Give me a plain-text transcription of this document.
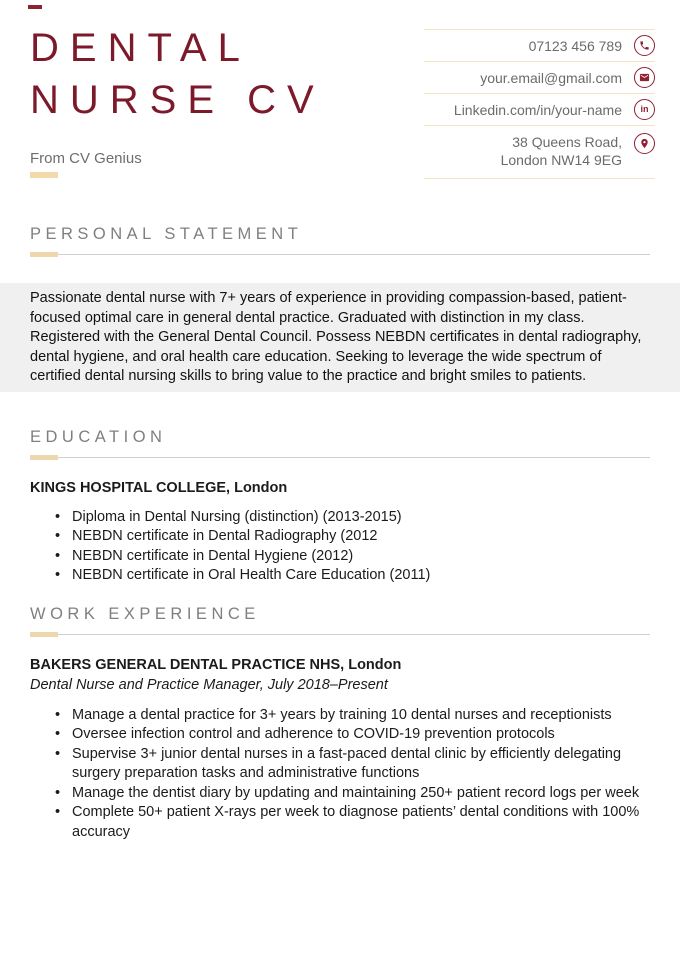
DENTAL
NURSE CV
From CV Genius
07123 456 789
your.email@gmail.com
Linkedin.com/in/your-name in
38 Queens Road,
London NW14 9EG
PERSONAL STATEMENT
Passionate dental nurse with 7+ years of experience in providing compassion-based, patient-focused optimal care in general dental practice. Graduated with distinction in my class. Registered with the General Dental Council. Possess NEBDN certificates in dental radiography, dental hygiene, and oral health care education. Seeking to leverage the wide spectrum of certified dental nursing skills to bring value to the practice and bright smiles to patients.
EDUCATION
KINGS HOSPITAL COLLEGE, London
• Diploma in Dental Nursing (distinction) (2013-2015)
• NEBDN certificate in Dental Radiography (2012
• NEBDN certificate in Dental Hygiene (2012)
• NEBDN certificate in Oral Health Care Education (2011)
WORK EXPERIENCE
BAKERS GENERAL DENTAL PRACTICE NHS, London
Dental Nurse and Practice Manager, July 2018–Present
• Manage a dental practice for 3+ years by training 10 dental nurses and receptionists
• Oversee infection control and adherence to COVID-19 prevention protocols
• Supervise 3+ junior dental nurses in a fast-paced dental clinic by efficiently delegating surgery preparation tasks and administrative functions
• Manage the dentist diary by updating and maintaining 250+ patient record logs per week
• Complete 50+ patient X-rays per week to diagnose patients’ dental conditions with 100% accuracy
